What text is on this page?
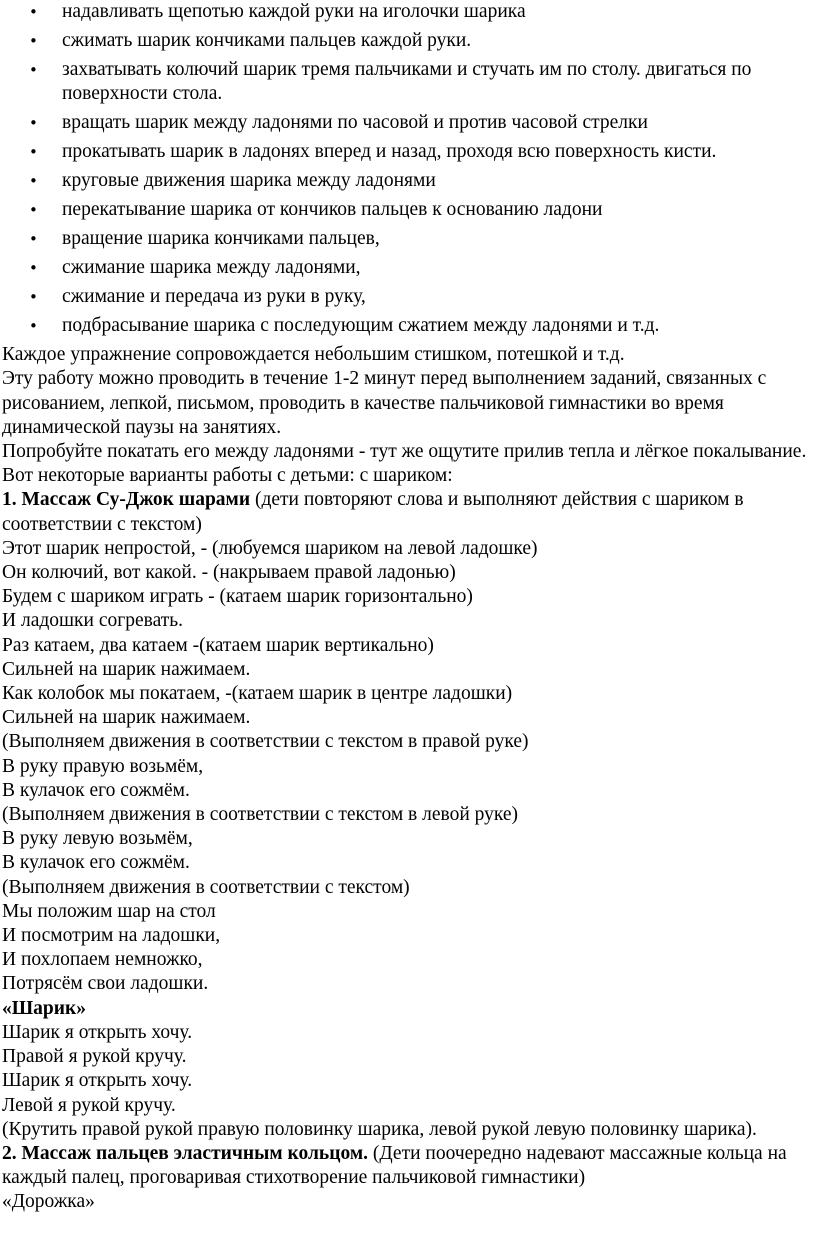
• надавливать щепотью каждой руки на иголочки шарика
• сжимать шарик кончиками пальцев каждой руки.
• захватывать колючий шарик тремя пальчиками и стучать им по столу. двигаться по поверхности стола.
• вращать шарик между ладонями по часовой и против часовой стрелки
• прокатывать шарик в ладонях вперед и назад, проходя всю поверхность кисти.
• круговые движения шарика между ладонями
• перекатывание шарика от кончиков пальцев к основанию ладони
• вращение шарика кончиками пальцев,
• сжимание шарика между ладонями,
• сжимание и передача из руки в руку,
• подбрасывание шарика с последующим сжатием между ладонями и т.д.

Каждое упражнение сопровождается небольшим стишком, потешкой и т.д.

Эту работу можно проводить в течение 1-2 минут перед выполнением заданий, связанных с рисованием, лепкой, письмом, проводить в качестве пальчиковой гимнастики во время динамической паузы на занятиях.

Попробуйте покатать его между ладонями - тут же ощутите прилив тепла и лёгкое покалывание.

Вот некоторые варианты работы с детьми: с шариком:

1. Массаж Су-Джок шарами (дети повторяют слова и выполняют действия с шариком в соответствии с текстом)

Этот шарик непростой, - (любуемся шариком на левой ладошке)

Он колючий, вот какой. - (накрываем правой ладонью)

Будем с шариком играть - (катаем шарик горизонтально)

И ладошки согревать.

Раз катаем, два катаем -(катаем шарик вертикально)

Сильней на шарик нажимаем.

Как колобок мы покатаем, -(катаем шарик в центре ладошки)

Сильней на шарик нажимаем.

(Выполняем движения в соответствии с текстом в правой руке)

В руку правую возьмём,

В кулачок его сожмём.

(Выполняем движения в соответствии с текстом в левой руке)

В руку левую возьмём,

В кулачок его сожмём.

(Выполняем движения в соответствии с текстом)

Мы положим шар на стол

И посмотрим на ладошки,

И похлопаем немножко,

Потрясём свои ладошки.

«Шарик»

Шарик я открыть хочу.

Правой я рукой кручу.

Шарик я открыть хочу.

Левой я рукой кручу.

(Крутить правой рукой правую половинку шарика, левой рукой левую половинку шарика).

2. Массаж пальцев эластичным кольцом. (Дети поочередно надевают массажные кольца на каждый палец, проговаривая стихотворение пальчиковой гимнастики)

«Дорожка»
